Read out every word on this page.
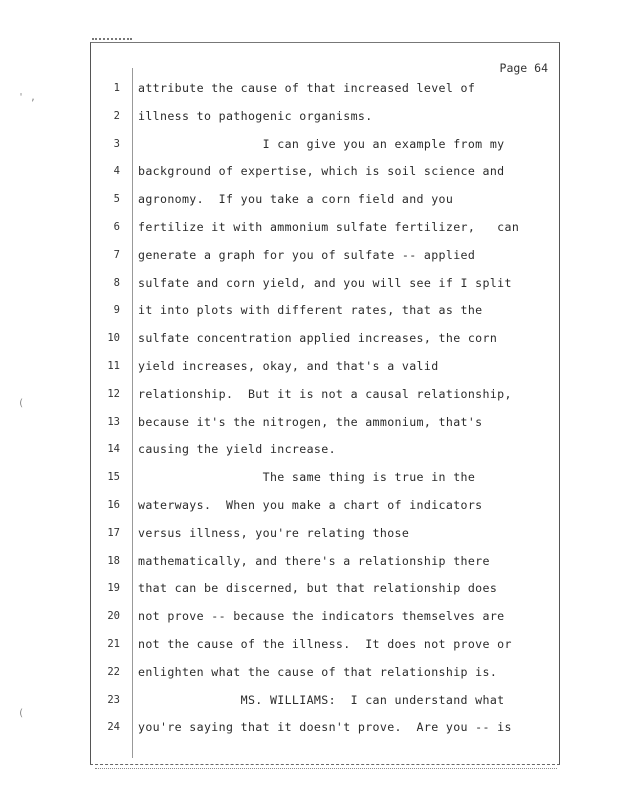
Page 64
' ,
(
(
1 attribute the cause of that increased level of
2 illness to pathogenic organisms.
3 I can give you an example from my
4 background of expertise, which is soil science and
5 agronomy.  If you take a corn field and you
6 fertilize it with ammonium sulfate fertilizer,   can
7 generate a graph for you of sulfate -- applied
8 sulfate and corn yield, and you will see if I split
9 it into plots with different rates, that as the
10 sulfate concentration applied increases, the corn
11 yield increases, okay, and that's a valid
12 relationship.  But it is not a causal relationship,
13 because it's the nitrogen, the ammonium, that's
14 causing the yield increase.
15 The same thing is true in the
16 waterways.  When you make a chart of indicators
17 versus illness, you're relating those
18 mathematically, and there's a relationship there
19 that can be discerned, but that relationship does
20 not prove -- because the indicators themselves are
21 not the cause of the illness.  It does not prove or
22 enlighten what the cause of that relationship is.
23 MS. WILLIAMS:  I can understand what
24 you're saying that it doesn't prove.  Are you -- is
